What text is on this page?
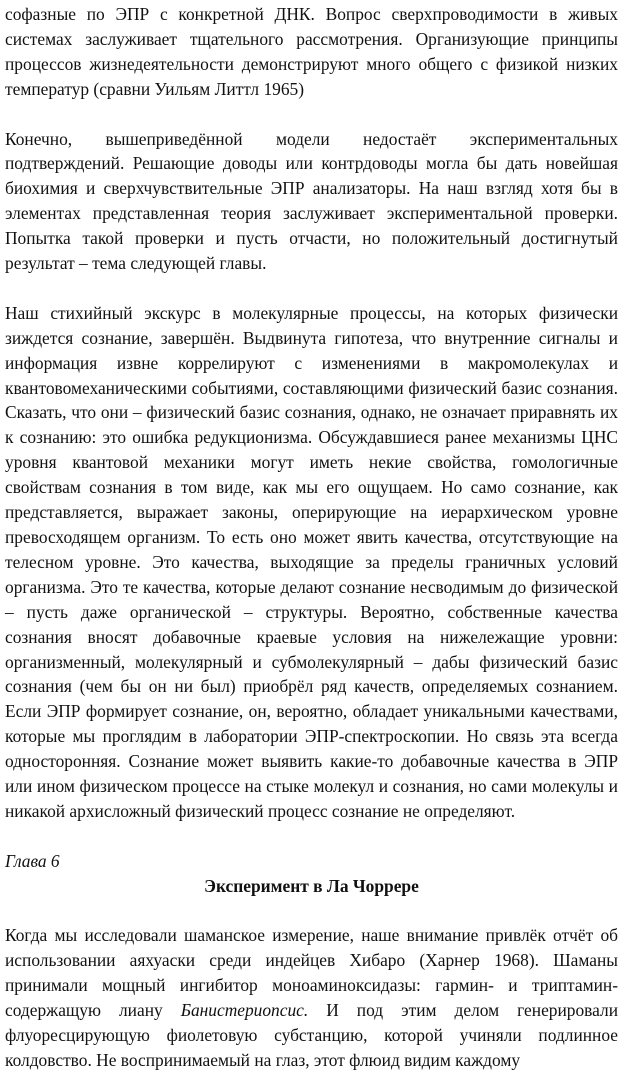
софазные по ЭПР с конкретной ДНК. Вопрос сверхпроводимости в живых системах заслуживает тщательного рассмотрения. Организующие принципы процессов жизнедеятельности демонстрируют много общего с физикой низких температур (сравни Уильям Литтл 1965)

Конечно, вышеприведённой модели недостаёт экспериментальных подтверждений. Решающие доводы или контрдоводы могла бы дать новейшая биохимия и сверхчувствительные ЭПР анализаторы. На наш взгляд хотя бы в элементах представленная теория заслуживает экспериментальной проверки. Попытка такой проверки и пусть отчасти, но положительный достигнутый результат – тема следующей главы.

Наш стихийный экскурс в молекулярные процессы, на которых физически зиждется сознание, завершён. Выдвинута гипотеза, что внутренние сигналы и информация извне коррелируют с изменениями в макромолекулах и квантовомеханическими событиями, составляющими физический базис сознания. Сказать, что они – физический базис сознания, однако, не означает приравнять их к сознанию: это ошибка редукционизма. Обсуждавшиеся ранее механизмы ЦНС уровня квантовой механики могут иметь некие свойства, гомологичные свойствам сознания в том виде, как мы его ощущаем. Но само сознание, как представляется, выражает законы, оперирующие на иерархическом уровне превосходящем организм. То есть оно может явить качества, отсутствующие на телесном уровне. Это качества, выходящие за пределы граничных условий организма. Это те качества, которые делают сознание несводимым до физической – пусть даже органической – структуры. Вероятно, собственные качества сознания вносят добавочные краевые условия на нижележащие уровни: организменный, молекулярный и субмолекулярный – дабы физический базис сознания (чем бы он ни был) приобрёл ряд качеств, определяемых сознанием. Если ЭПР формирует сознание, он, вероятно, обладает уникальными качествами, которые мы проглядим в лаборатории ЭПР-спектроскопии. Но связь эта всегда односторонняя. Сознание может выявить какие-то добавочные качества в ЭПР или ином физическом процессе на стыке молекул и сознания, но сами молекулы и никакой архисложный физический процесс сознание не определяют.

Глава 6

Эксперимент в Ла Чоррере

Когда мы исследовали шаманское измерение, наше внимание привлёк отчёт об использовании аяхуаски среди индейцев Хибаро (Харнер 1968). Шаманы принимали мощный ингибитор моноаминоксидазы: гармин- и триптамин-содержащую лиану Банистериопсис. И под этим делом генерировали флуоресцирующую фиолетовую субстанцию, которой учиняли подлинное колдовство. Не воспринимаемый на глаз, этот флюид видим каждому
